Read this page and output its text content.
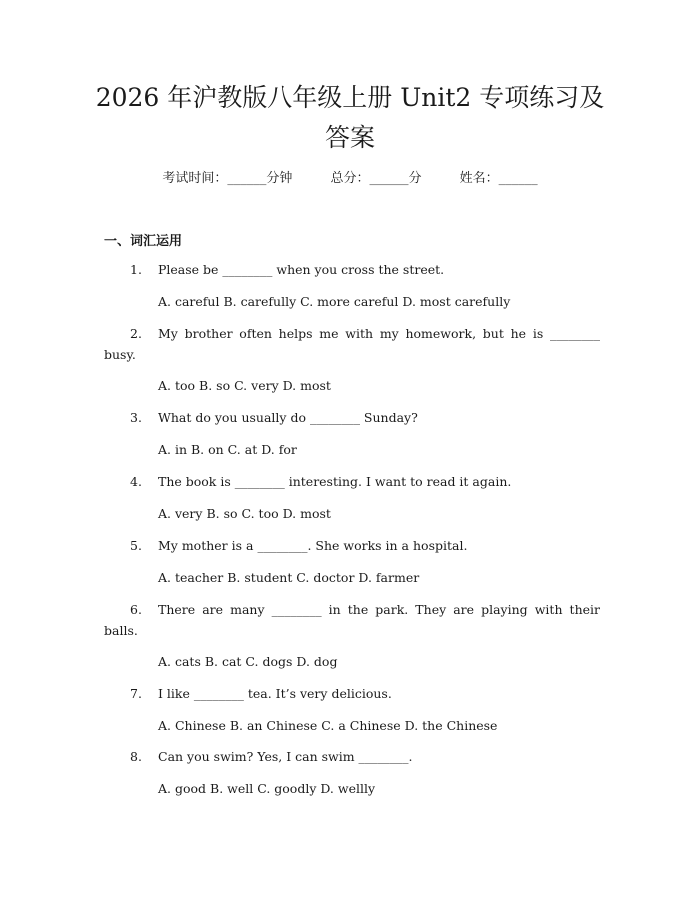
2026 年沪教版八年级上册 Unit2 专项练习及
答案
考试时间：______分钟	总分：______分	姓名：______
一、词汇运用
1. Please be ________ when you cross the street.
A. careful B. carefully C. more careful D. most carefully
2. My brother often helps me with my homework, but he is ________ busy.
A. too B. so C. very D. most
3. What do you usually do ________ Sunday?
A. in B. on C. at D. for
4. The book is ________ interesting. I want to read it again.
A. very B. so C. too D. most
5. My mother is a ________. She works in a hospital.
A. teacher B. student C. doctor D. farmer
6. There are many ________ in the park. They are playing with their balls.
A. cats B. cat C. dogs D. dog
7. I like ________ tea. It’s very delicious.
A. Chinese B. an Chinese C. a Chinese D. the Chinese
8. Can you swim? Yes, I can swim ________.
A. good B. well C. goodly D. wellly
